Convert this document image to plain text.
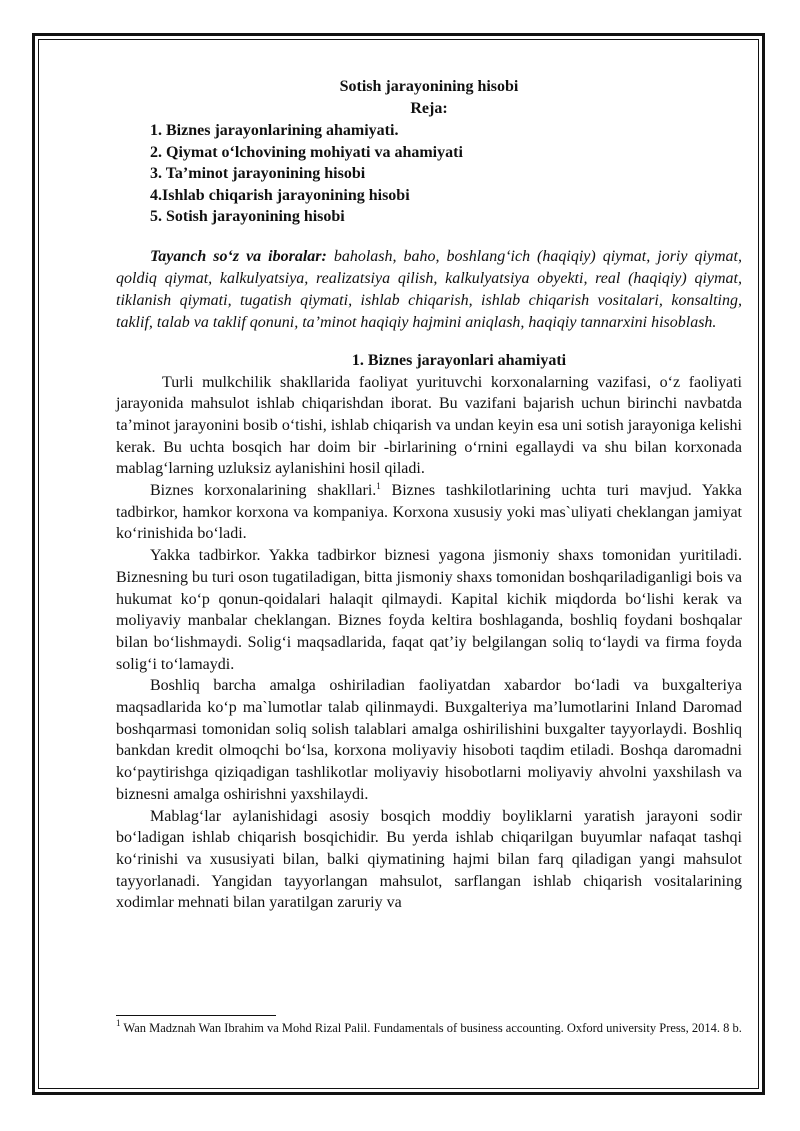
Sotish jarayonining hisobi
Reja:
1. Biznes jarayonlarining ahamiyati.
2. Qiymat o‘lchovining mohiyati va ahamiyati
3. Ta’minot jarayonining hisobi
4.Ishlab chiqarish jarayonining hisobi
5. Sotish jarayonining hisobi

Tayanch so‘z va iboralar: baholash, baho, boshlang‘ich (haqiqiy) qiymat, joriy qiymat, qoldiq qiymat, kalkulyatsiya, realizatsiya qilish, kalkulyatsiya obyekti, real (haqiqiy) qiymat, tiklanish qiymati, tugatish qiymati, ishlab chiqarish, ishlab chiqarish vositalari, konsalting, taklif, talab va taklif qonuni, ta’minot haqiqiy hajmini aniqlash, haqiqiy tannarxini hisoblash.

1. Biznes jarayonlari ahamiyati

Turli mulkchilik shakllarida faoliyat yurituvchi korxonalarning vazifasi, o‘z faoliyati jarayonida mahsulot ishlab chiqarishdan iborat. Bu vazifani bajarish uchun birinchi navbatda ta’minot jarayonini bosib o‘tishi, ishlab chiqarish va undan keyin esa uni sotish jarayoniga kelishi kerak. Bu uchta bosqich har doim bir -birlarining o‘rnini egallaydi va shu bilan korxonada mablag‘larning uzluksiz aylanishini hosil qiladi.

Biznes korxonalarining shakllari.$^1$ Biznes tashkilotlarining uchta turi mavjud. Yakka tadbirkor, hamkor korxona va kompaniya. Korxona xususiy yoki mas`uliyati cheklangan jamiyat ko‘rinishida bo‘ladi.

Yakka tadbirkor. Yakka tadbirkor biznesi yagona jismoniy shaxs tomonidan yuritiladi. Biznesning bu turi oson tugatiladigan, bitta jismoniy shaxs tomonidan boshqariladiganligi bois va hukumat ko‘p qonun-qoidalari halaqit qilmaydi. Kapital kichik miqdorda bo‘lishi kerak va moliyaviy manbalar cheklangan. Biznes foyda keltira boshlaganda, boshliq foydani boshqalar bilan bo‘lishmaydi. Solig‘i maqsadlarida, faqat qat’iy belgilangan soliq to‘laydi va firma foyda solig‘i to‘lamaydi.

Boshliq barcha amalga oshiriladian faoliyatdan xabardor bo‘ladi va buxgalteriya maqsadlarida ko‘p ma`lumotlar talab qilinmaydi. Buxgalteriya ma’lumotlarini Inland Daromad boshqarmasi tomonidan soliq solish talablari amalga oshirilishini buxgalter tayyorlaydi. Boshliq bankdan kredit olmoqchi bo‘lsa, korxona moliyaviy hisoboti taqdim etiladi. Boshqa daromadni ko‘paytirishga qiziqadigan tashlikotlar moliyaviy hisobotlarni moliyaviy ahvolni yaxshilash va biznesni amalga oshirishni yaxshilaydi.

Mablag‘lar aylanishidagi asosiy bosqich moddiy boyliklarni yaratish jarayoni sodir bo‘ladigan ishlab chiqarish bosqichidir. Bu yerda ishlab chiqarilgan buyumlar nafaqat tashqi ko‘rinishi va xususiyati bilan, balki qiymatining hajmi bilan farq qiladigan yangi mahsulot tayyorlanadi. Yangidan tayyorlangan mahsulot, sarflangan ishlab chiqarish vositalarining xodimlar mehnati bilan yaratilgan zaruriy va

$^1$ Wan Madznah Wan Ibrahim va Mohd Rizal Palil. Fundamentals of business accounting. Oxford university Press, 2014. 8 b.
